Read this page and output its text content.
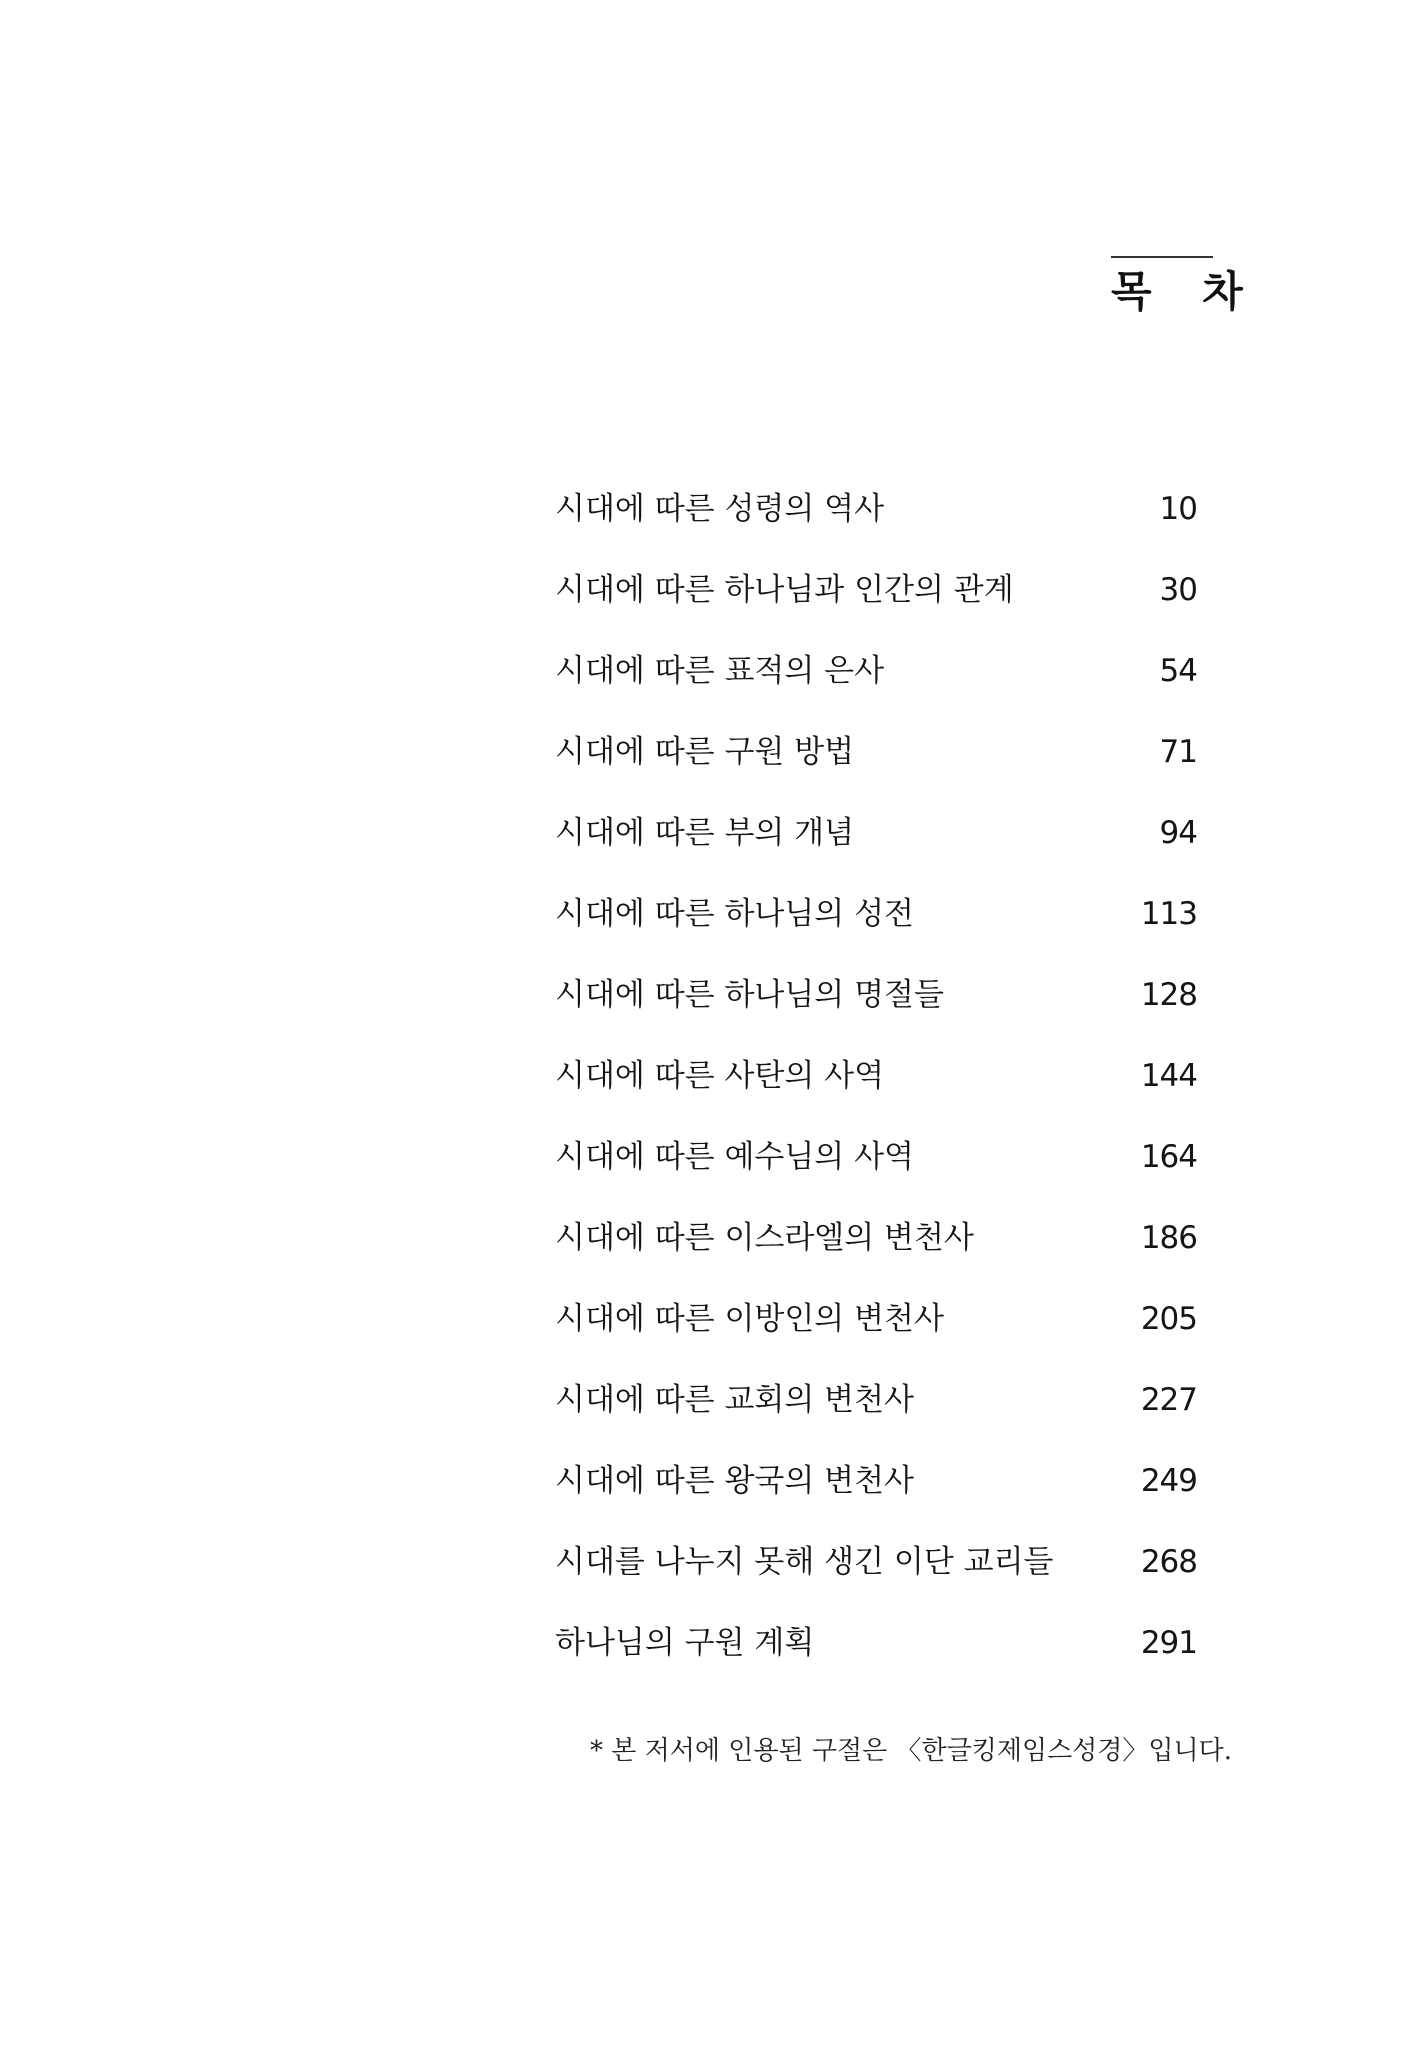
목 차
시대에 따른 성령의 역사	10
시대에 따른 하나님과 인간의 관계	30
시대에 따른 표적의 은사	54
시대에 따른 구원 방법	71
시대에 따른 부의 개념	94
시대에 따른 하나님의 성전	113
시대에 따른 하나님의 명절들	128
시대에 따른 사탄의 사역	144
시대에 따른 예수님의 사역	164
시대에 따른 이스라엘의 변천사	186
시대에 따른 이방인의 변천사	205
시대에 따른 교회의 변천사	227
시대에 따른 왕국의 변천사	249
시대를 나누지 못해 생긴 이단 교리들	268
하나님의 구원 계획	291
* 본 저서에 인용된 구절은 〈한글킹제임스성경〉입니다.
